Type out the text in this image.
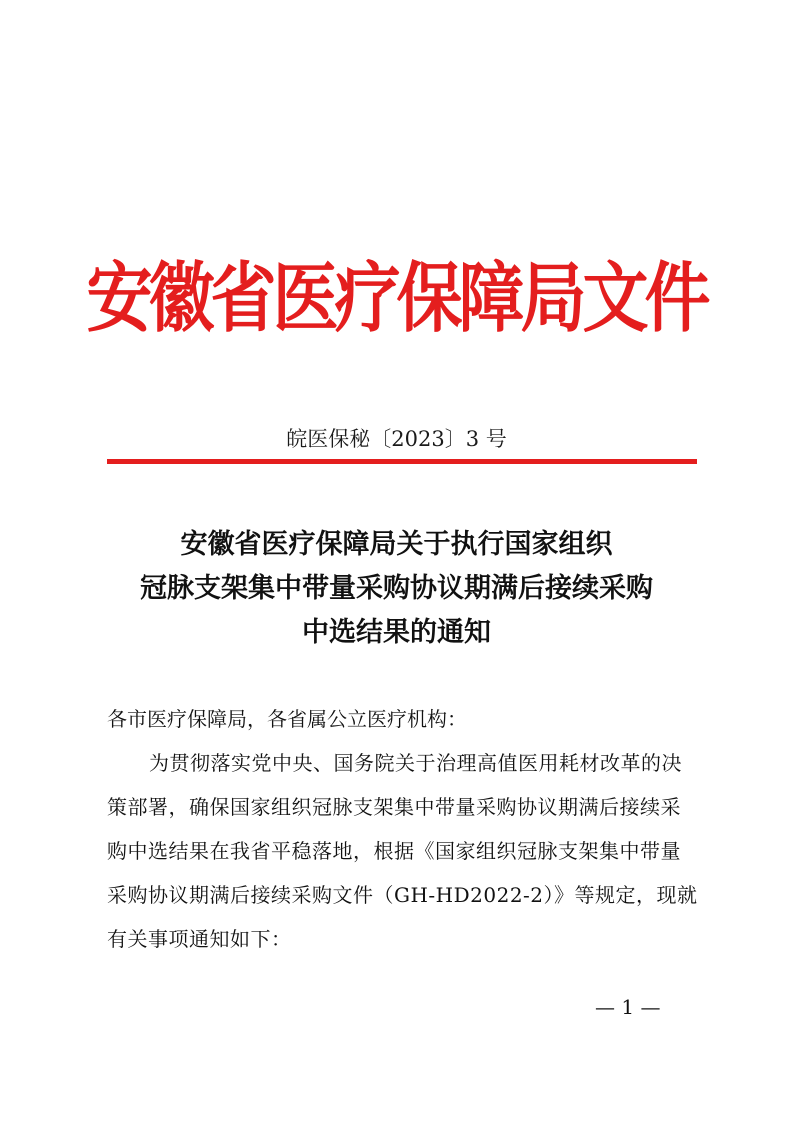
安徽省医疗保障局文件
皖医保秘〔2023〕3 号
安徽省医疗保障局关于执行国家组织
冠脉支架集中带量采购协议期满后接续采购
中选结果的通知
各市医疗保障局，各省属公立医疗机构：
为贯彻落实党中央、国务院关于治理高值医用耗材改革的决
策部署，确保国家组织冠脉支架集中带量采购协议期满后接续采
购中选结果在我省平稳落地，根据《国家组织冠脉支架集中带量
采购协议期满后接续采购文件（GH-HD2022-2）》等规定，现就
有关事项通知如下：
— 1 —
